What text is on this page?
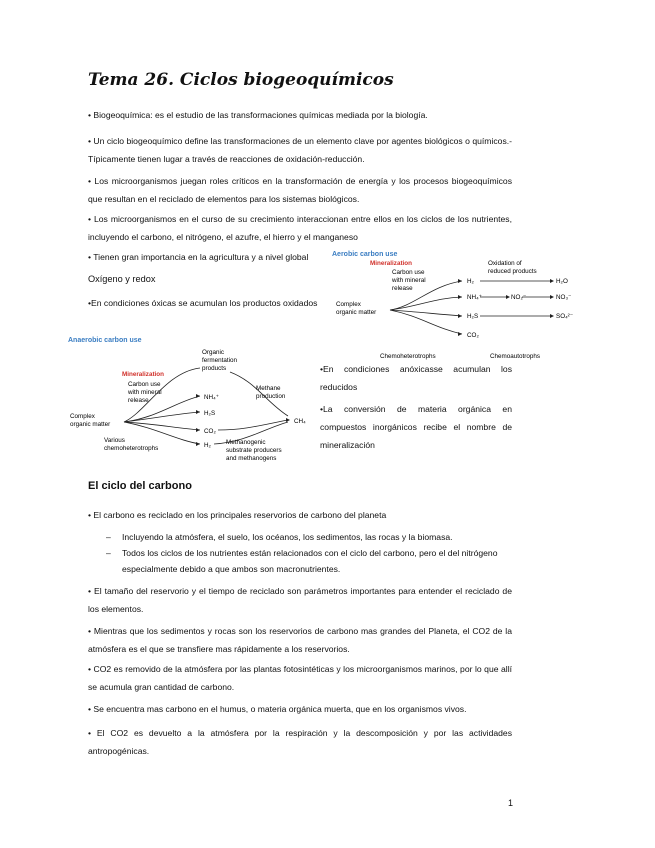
Tema 26. Ciclos biogeoquímicos

• Biogeoquímica: es el estudio de las transformaciones químicas mediada por la biología.

• Un ciclo biogeoquímico define las transformaciones de un elemento clave por agentes biológicos o químicos.- Típicamente tienen lugar a través de reacciones de oxidación-reducción.

• Los microorganismos juegan roles críticos en la transformación de energía y los procesos biogeoquímicos que resultan en el reciclado de elementos para los sistemas biológicos.

• Los microorganismos en el curso de su crecimiento interaccionan entre ellos en los ciclos de los nutrientes, incluyendo el carbono, el nitrógeno, el azufre, el hierro y el manganeso

• Tienen gran importancia en la agricultura y a nivel global

Oxígeno y redox

•En condiciones óxicas se acumulan los productos oxidados

Aerobic carbon use
Mineralization
Carbon use
with mineral
release
Oxidation of
reduced products
Complex
organic matter
H₂
NH₄⁺
H₂S
CO₂
H₂O
NO₂⁻	NO₃⁻
SO₄²⁻
Chemoheterotrophs	Chemoautotrophs
Anaerobic carbon use
Organic
fermentation
products
Mineralization
Carbon use
with mineral
release
Methane
production
Complex
organic matter
Various
chemoheterotrophs
NH₄⁺
H₂S
CO₂
H₂
CH₄
Methanogenic
substrate producers
and methanogens

•En condiciones anóxicasse acumulan los reducidos

•La conversión de materia orgánica en compuestos inorgánicos recibe el nombre de mineralización

El ciclo del carbono

• El carbono es reciclado en los principales reservorios de carbono del planeta

– Incluyendo la atmósfera, el suelo, los océanos, los sedimentos, las rocas y la biomasa.
– Todos los ciclos de los nutrientes están relacionados con el ciclo del carbono, pero el del nitrógeno especialmente debido a que ambos son macronutrientes.

• El tamaño del reservorio y el tiempo de reciclado son parámetros importantes para entender el reciclado de los elementos.

• Mientras que los sedimentos y rocas son los reservorios de carbono mas grandes del Planeta, el CO2 de la atmósfera es el que se transfiere mas rápidamente a los reservorios.

• CO2 es removido de la atmósfera por las plantas fotosintéticas y los microorganismos marinos, por lo que allí se acumula gran cantidad de carbono.

• Se encuentra mas carbono en el humus, o materia orgánica muerta, que en los organismos vivos.

• El CO2 es devuelto a la atmósfera por la respiración y la descomposición y por las actividades antropogénicas.

1
